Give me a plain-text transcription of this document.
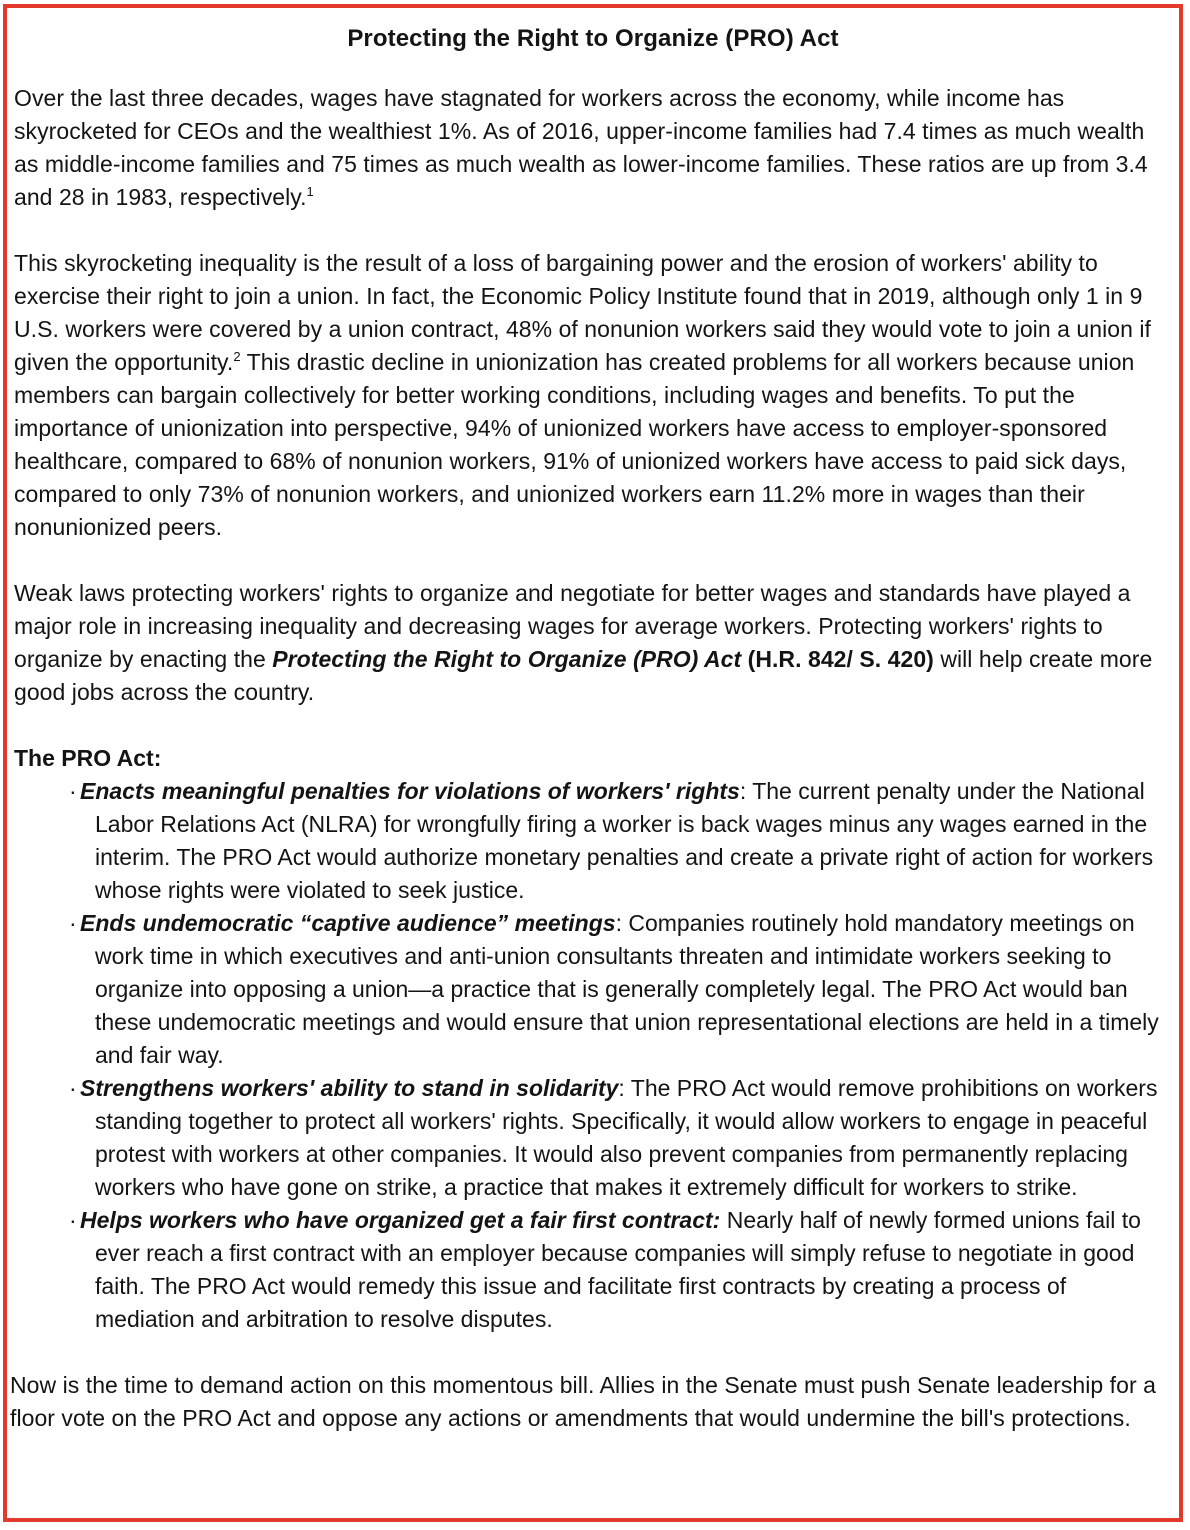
Protecting the Right to Organize (PRO) Act

Over the last three decades, wages have stagnated for workers across the economy, while income has skyrocketed for CEOs and the wealthiest 1%. As of 2016, upper-income families had 7.4 times as much wealth as middle-income families and 75 times as much wealth as lower-income families. These ratios are up from 3.4 and 28 in 1983, respectively.$^1$

This skyrocketing inequality is the result of a loss of bargaining power and the erosion of workers' ability to exercise their right to join a union. In fact, the Economic Policy Institute found that in 2019, although only 1 in 9 U.S. workers were covered by a union contract, 48% of nonunion workers said they would vote to join a union if given the opportunity.$^2$ This drastic decline in unionization has created problems for all workers because union members can bargain collectively for better working conditions, including wages and benefits. To put the importance of unionization into perspective, 94% of unionized workers have access to employer-sponsored healthcare, compared to 68% of nonunion workers, 91% of unionized workers have access to paid sick days, compared to only 73% of nonunion workers, and unionized workers earn 11.2% more in wages than their nonunionized peers.

Weak laws protecting workers' rights to organize and negotiate for better wages and standards have played a major role in increasing inequality and decreasing wages for average workers. Protecting workers' rights to organize by enacting the Protecting the Right to Organize (PRO) Act (H.R. 842/ S. 420) will help create more good jobs across the country.

The PRO Act:
· Enacts meaningful penalties for violations of workers' rights: The current penalty under the National Labor Relations Act (NLRA) for wrongfully firing a worker is back wages minus any wages earned in the interim. The PRO Act would authorize monetary penalties and create a private right of action for workers whose rights were violated to seek justice.
· Ends undemocratic “captive audience” meetings: Companies routinely hold mandatory meetings on work time in which executives and anti-union consultants threaten and intimidate workers seeking to organize into opposing a union—a practice that is generally completely legal. The PRO Act would ban these undemocratic meetings and would ensure that union representational elections are held in a timely and fair way.
· Strengthens workers' ability to stand in solidarity: The PRO Act would remove prohibitions on workers standing together to protect all workers' rights. Specifically, it would allow workers to engage in peaceful protest with workers at other companies. It would also prevent companies from permanently replacing workers who have gone on strike, a practice that makes it extremely difficult for workers to strike.
· Helps workers who have organized get a fair first contract: Nearly half of newly formed unions fail to ever reach a first contract with an employer because companies will simply refuse to negotiate in good faith. The PRO Act would remedy this issue and facilitate first contracts by creating a process of mediation and arbitration to resolve disputes.

Now is the time to demand action on this momentous bill. Allies in the Senate must push Senate leadership for a floor vote on the PRO Act and oppose any actions or amendments that would undermine the bill's protections.
